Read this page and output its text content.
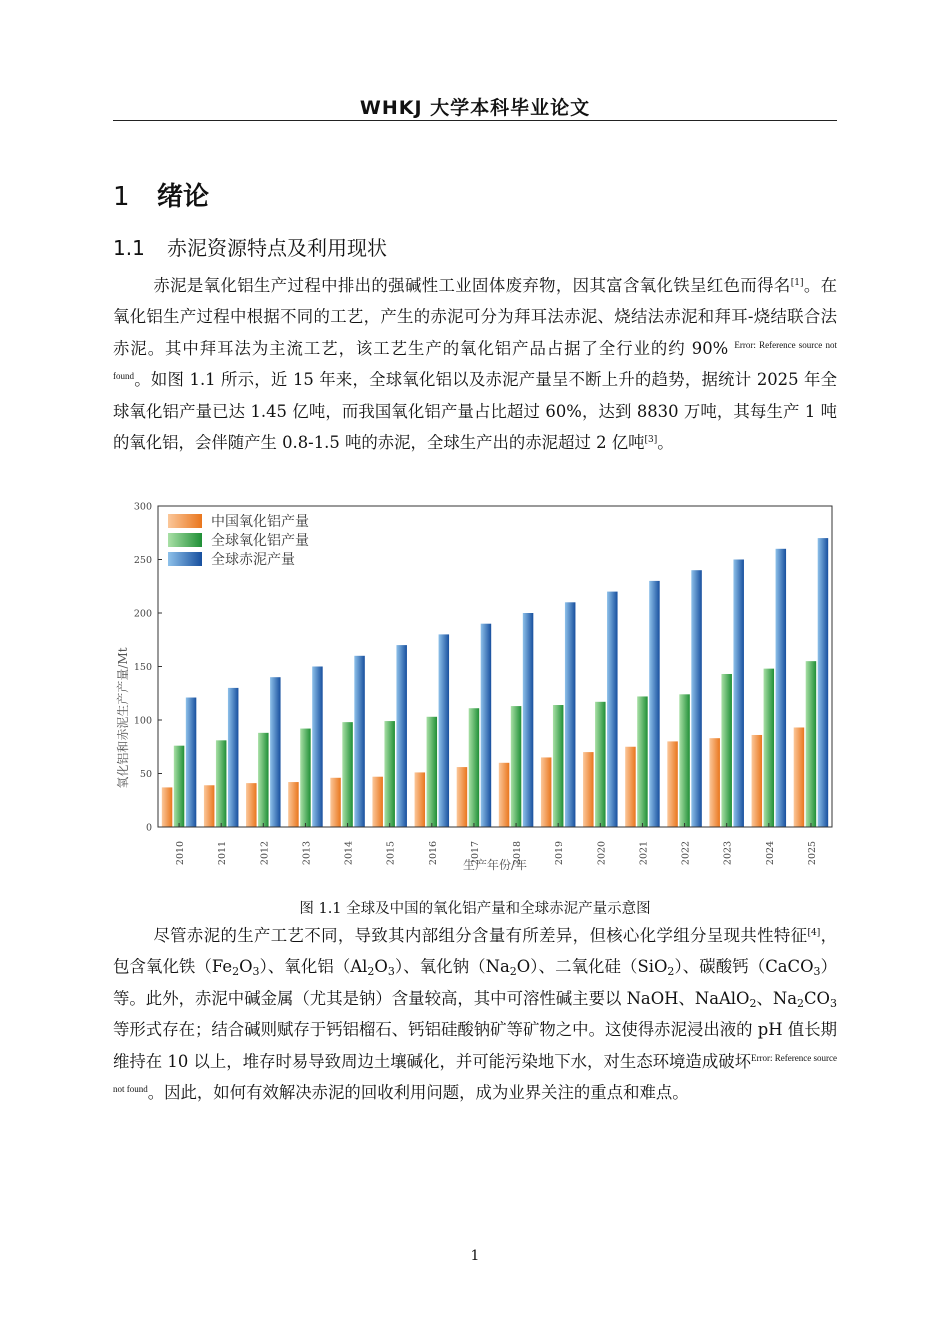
WHKJ 大学本科毕业论文
1 绪论
1.1 赤泥资源特点及利用现状
赤泥是氧化铝生产过程中排出的强碱性工业固体废弃物，因其富含氧化铁呈红色而得名[1]。在氧化铝生产过程中根据不同的工艺，产生的赤泥可分为拜耳法赤泥、烧结法赤泥和拜耳-烧结联合法赤泥。其中拜耳法为主流工艺，该工艺生产的氧化铝产品占据了全行业的约 90% $^{Error: Reference source not found}$。如图 1.1 所示，近 15 年来，全球氧化铝以及赤泥产量呈不断上升的趋势，据统计 2025 年全球氧化铝产量已达 1.45 亿吨，而我国氧化铝产量占比超过 60%，达到 8830 万吨，其每生产 1 吨的氧化铝，会伴随产生 0.8-1.5 吨的赤泥，全球生产出的赤泥超过 2 亿吨[3]。
0
50
100
150
200
250
300
2010	2011	2012	2013	2014	2015	2016	2017	2018	2019	2020	2021	2022	2023	2024	2025
中国氧化铝产量
全球氧化铝产量
全球赤泥产量
氧化铝和赤泥生产产量/Mt
生产年份/年
图 1.1 全球及中国的氧化铝产量和全球赤泥产量示意图
尽管赤泥的生产工艺不同，导致其内部组分含量有所差异，但核心化学组分呈现共性特征[4]，包含氧化铁$(Fe_2O_3)$、氧化铝$(Al_2O_3)$、氧化钠$(Na_2O)$、二氧化硅（SiO$_2$）、碳酸钙（CaCO$_3$）等。此外，赤泥中碱金属（尤其是钠）含量较高，其中可溶性碱主要以 NaOH、NaAlO$_2$、$Na_2CO_3$等形式存在；结合碱则赋存于钙铝榴石、钙铝硅酸钠矿等矿物之中。这使得赤泥浸出液的 pH 值长期维持在 10 以上，堆存时易导致周边土壤碱化，并可能污染地下水，对生态环境造成破坏$^{Error: Reference source not found}$。因此，如何有效解决赤泥的回收利用问题，成为业界关注的重点和难点。
1
